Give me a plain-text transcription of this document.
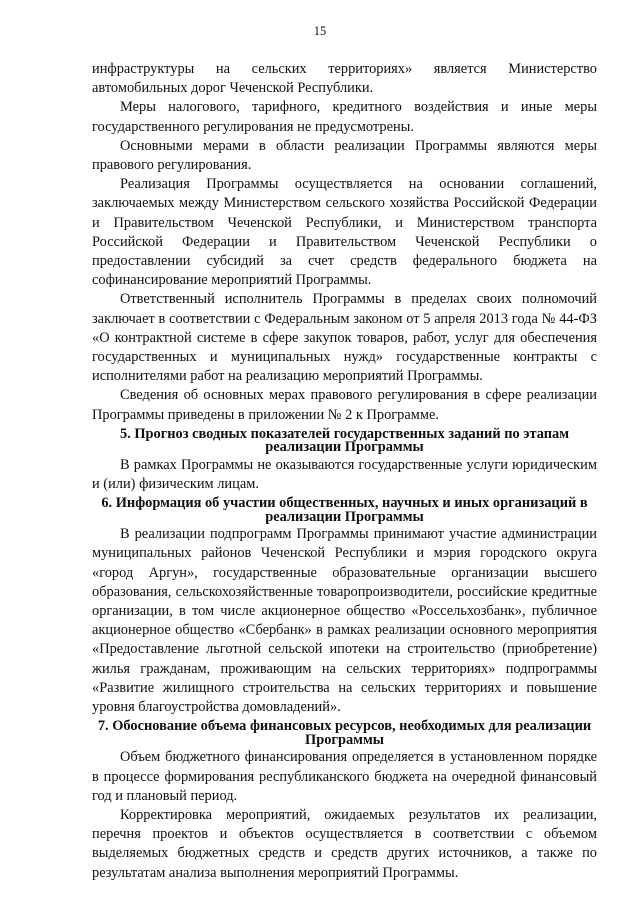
15

инфраструктуры на сельских территориях» является Министерство автомобильных дорог Чеченской Республики.

Меры налогового, тарифного, кредитного воздействия и иные меры государственного регулирования не предусмотрены.

Основными мерами в области реализации Программы являются меры правового регулирования.

Реализация Программы осуществляется на основании соглашений, заключаемых между Министерством сельского хозяйства Российской Федерации и Правительством Чеченской Республики, и Министерством транспорта Российской Федерации и Правительством Чеченской Республики о предоставлении субсидий за счет средств федерального бюджета на софинансирование мероприятий Программы.

Ответственный исполнитель Программы в пределах своих полномочий заключает в соответствии с Федеральным законом от 5 апреля 2013 года № 44-ФЗ «О контрактной системе в сфере закупок товаров, работ, услуг для обеспечения государственных и муниципальных нужд» государственные контракты с исполнителями работ на реализацию мероприятий Программы.

Сведения об основных мерах правового регулирования в сфере реализации Программы приведены в приложении № 2 к Программе.

5. Прогноз сводных показателей государственных заданий по этапам реализации Программы

В рамках Программы не оказываются государственные услуги юридическим и (или) физическим лицам.

6. Информация об участии общественных, научных и иных организаций в реализации Программы

В реализации подпрограмм Программы принимают участие администрации муниципальных районов Чеченской Республики и мэрия городского округа «город Аргун», государственные образовательные организации высшего образования, сельскохозяйственные товаропроизводители, российские кредитные организации, в том числе акционерное общество «Россельхозбанк», публичное акционерное общество «Сбербанк» в рамках реализации основного мероприятия «Предоставление льготной сельской ипотеки на строительство (приобретение) жилья гражданам, проживающим на сельских территориях» подпрограммы «Развитие жилищного строительства на сельских территориях и повышение уровня благоустройства домовладений».

7. Обоснование объема финансовых ресурсов, необходимых для реализации Программы

Объем бюджетного финансирования определяется в установленном порядке в процессе формирования республиканского бюджета на очередной финансовый год и плановый период.

Корректировка мероприятий, ожидаемых результатов их реализации, перечня проектов и объектов осуществляется в соответствии с объемом выделяемых бюджетных средств и средств других источников, а также по результатам анализа выполнения мероприятий Программы.
